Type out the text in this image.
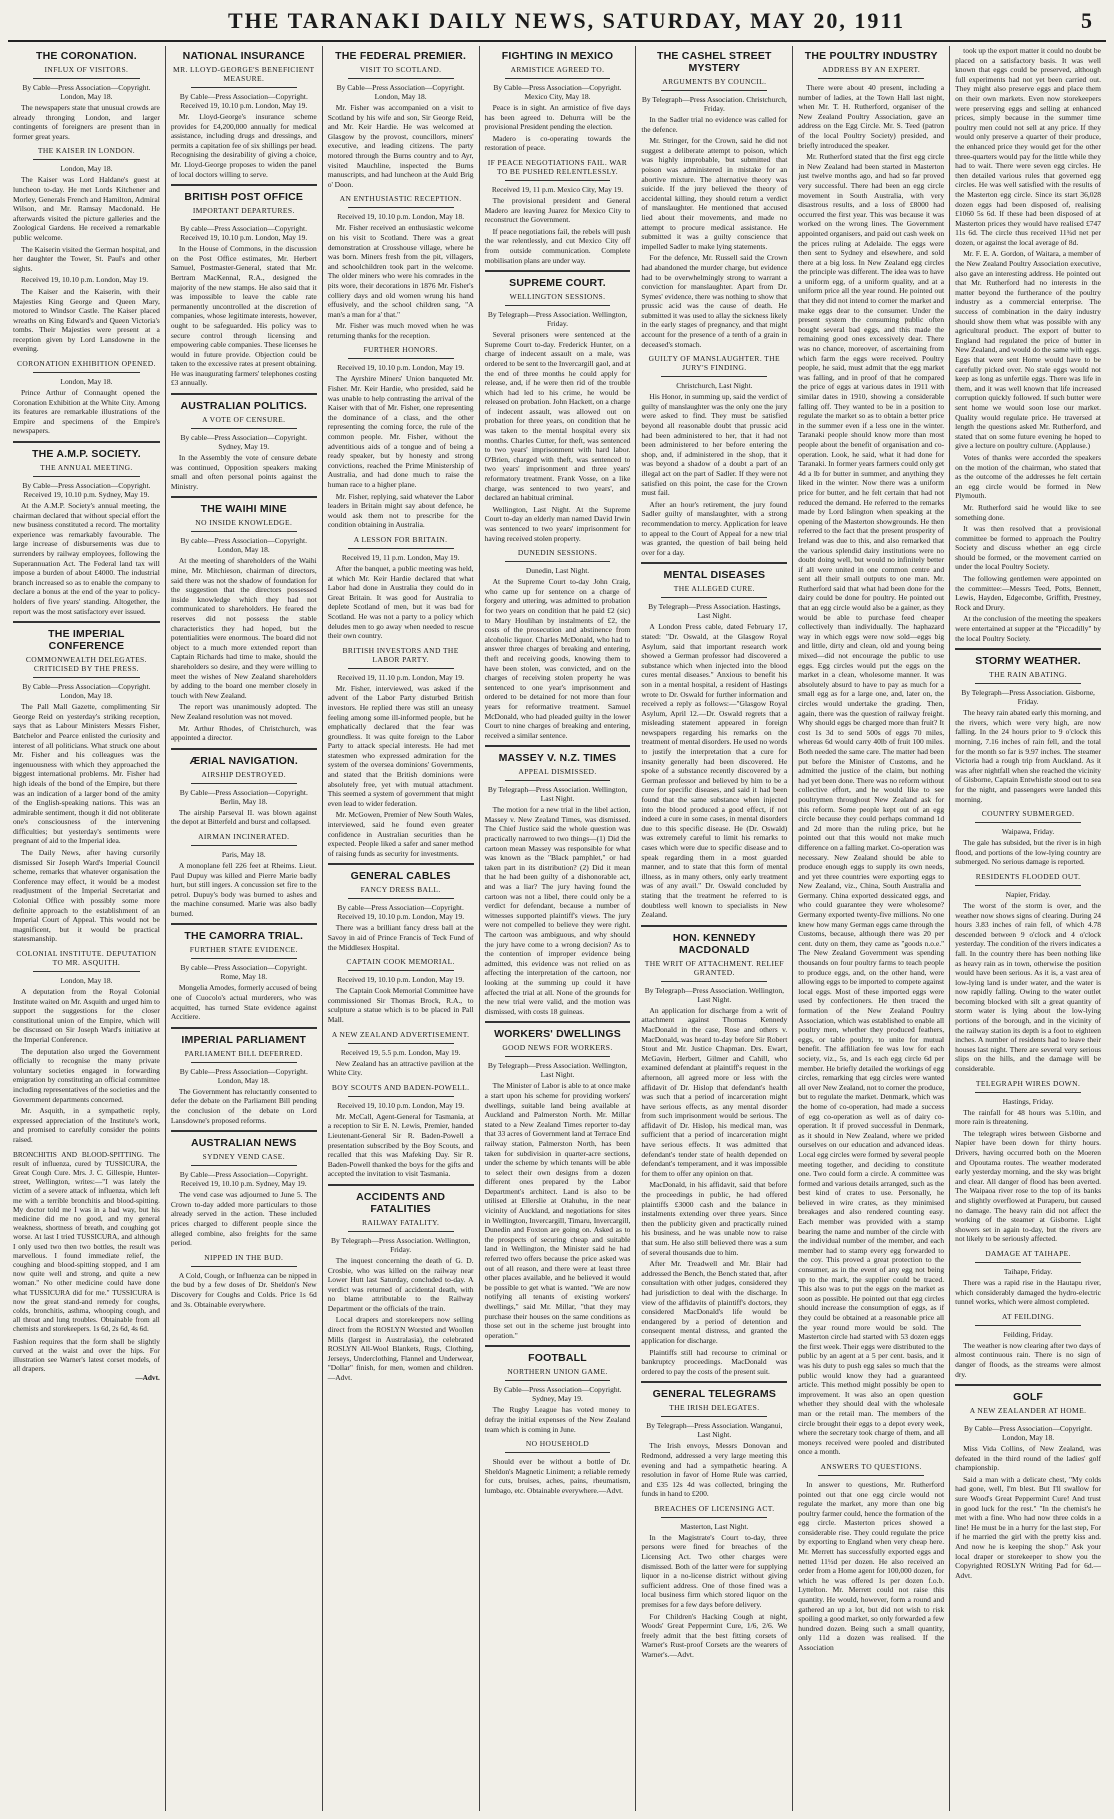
THE TARANAKI DAILY NEWS, SATURDAY, MAY 20, 1911	5
THE CORONATION.
INFLUX OF VISITORS.
By Cable—Press Association—Copyright. London, May 18.

The newspapers state that unusual crowds are already thronging London, and larger contingents of foreigners are present than in former great years.

THE KAISER IN LONDON.
London, May 18.

The Kaiser was Lord Haldane's guest at luncheon to-day. He met Lords Kitchener and Morley, Generals French and Hamilton, Admiral Wilson, and Mr. Ramsay Macdonald. He afterwards visited the picture galleries and the Zoological Gardens. He received a remarkable public welcome.

The Kaiserin visited the German hospital, and her daughter the Tower, St. Paul's and other sights.

Received 19, 10.10 p.m. London, May 19.

The Kaiser and the Kaiserin, with their Majesties King George and Queen Mary, motored to Windsor Castle. The Kaiser placed wreaths on King Edward's and Queen Victoria's tombs. Their Majesties were present at a reception given by Lord Lansdowne in the evening.

CORONATION EXHIBITION OPENED.
London, May 18.

Prince Arthur of Connaught opened the Coronation Exhibition at the White City. Among its features are remarkable illustrations of the Empire and specimens of the Empire's newspapers.

THE A.M.P. SOCIETY.
THE ANNUAL MEETING.
By Cable—Press Association—Copyright. Received 19, 10.10 p.m. Sydney, May 19.

At the A.M.P. Society's annual meeting, the chairman declared that without special effort the new business constituted a record. The mortality experience was remarkably favourable. The large increase of disbursements was due to surrenders by railway employees, following the Superannuation Act. The Federal land tax will impose a burden of about £4000. The industrial branch increased so as to enable the company to declare a bonus at the end of the year to policy-holders of five years' standing. Altogether, the report was the most satisfactory ever issued.

THE IMPERIAL CONFERENCE
COMMONWEALTH DELEGATES. CRITICISED BY THE PRESS.
By Cable—Press Association—Copyright. London, May 18.

The Pall Mall Gazette, complimenting Sir George Reid on yesterday's striking reception, says that as Labour Ministers Messrs Fisher, Batchelor and Pearce enlisted the curiosity and interest of all politicians. What struck one about Mr. Fisher and his colleagues was the ingenuousness with which they approached the biggest international problems. Mr. Fisher had high ideals of the bond of the Empire, but there was an indication of a larger bond of the amity of the English-speaking nations. This was an admirable sentiment, though it did not obliterate one's consciousness of the intervening difficulties; but yesterday's sentiments were pregnant of aid to the Imperial idea.

The Daily News, after having cursorily dismissed Sir Joseph Ward's Imperial Council scheme, remarks that whatever organisation the Conference may effect, it would be a modest readjustment of the Imperial Secretariat and Colonial Office with possibly some more definite approach to the establishment of an Imperial Court of Appeal. This would not be magnificent, but it would be practical statesmanship.

COLONIAL INSTITUTE. DEPUTATION TO MR. ASQUITH.
London, May 18.

A deputation from the Royal Colonial Institute waited on Mr. Asquith and urged him to support the suggestions for the closer constitutional union of the Empire, which will be discussed on Sir Joseph Ward's initiative at the Imperial Conference.

The deputation also urged the Government officially to recognise the many private voluntary societies engaged in forwarding emigration by constituting an official committee including representatives of the societies and the Government departments concerned.

Mr. Asquith, in a sympathetic reply, expressed appreciation of the Institute's work, and promised to carefully consider the points raised.

BRONCHITIS AND BLOOD-SPITTING. The result of influenza, cured by TUSSICURA, the Great Cough Cure. Mrs. J. C. Gillespie, Hunter-street, Wellington, writes:—"I was lately the victim of a severe attack of influenza, which left me with a terrible bronchitis and blood-spitting. My doctor told me I was in a bad way, but his medicine did me no good, and my general weakness, shortness of breath, and coughing got worse. At last I tried TUSSICURA, and although I only used two then two bottles, the result was marvellous. I found immediate relief, the coughing and blood-spitting stopped, and I am now quite well and strong, and quite a new woman." No other medicine could have done what TUSSICURA did for me." TUSSICURA is now the great stand-and remedy for coughs, colds, bronchitis, asthma, whooping cough, and all throat and lung troubles. Obtainable from all chemists and storekeepers. 1s 6d, 2s 6d, 4s 6d.

Fashion requires that the form shall be slightly curved at the waist and over the hips. For illustration see Warner's latest corset models, of all drapers.

—Advt.
NATIONAL INSURANCE
MR. LLOYD-GEORGE'S BENEFICIENT MEASURE.
By Cable—Press Association—Copyright. Received 19, 10.10 p.m. London, May 19.

Mr. Lloyd-George's insurance scheme provides for £4,200,000 annually for medical assistance, including drugs and dressings, and permits a capitation fee of six shillings per head. Recognising the desirability of giving a choice, Mr. Lloyd-George proposes to widen the panel of local doctors willing to serve.

BRITISH POST OFFICE
IMPORTANT DEPARTURES.
By cable—Press Association—Copyright. Received 19, 10.10 p.m. London, May 19.

In the House of Commons, in the discussion on the Post Office estimates, Mr. Herbert Samuel, Postmaster-General, stated that Mr. Bertram MacKennal, R.A., designed the majority of the new stamps. He also said that it was impossible to leave the cable rate permanently uncontrolled at the discretion of companies, whose legitimate interests, however, ought to be safeguarded. His policy was to secure control through licensing and empowering cable companies. These licenses he would in future provide. Objection could be taken to the excessive rates at present obtaining. He was inaugurating farmers' telephones costing £3 annually.

AUSTRALIAN POLITICS.
A VOTE OF CENSURE.
By cable—Press Association—Copyright. Sydney, May 19.

In the Assembly the vote of censure debate was continued, Opposition speakers making small and often personal points against the Ministry.

THE WAIHI MINE
NO INSIDE KNOWLEDGE.
By cable—Press Association—Copyright. London, May 18.

At the meeting of shareholders of the Waihi mine, Mr. Mitchieson, chairman of directors, said there was not the shadow of foundation for the suggestion that the directors possessed inside knowledge which they had not communicated to shareholders. He feared the reserves did not possess the stable characteristics they had hoped, but the potentialities were enormous. The board did not object to a much more extended report than Captain Richards had time to make, should the shareholders so desire, and they were willing to meet the wishes of New Zealand shareholders by adding to the board one member closely in touch with New Zealand.

The report was unanimously adopted. The New Zealand resolution was not moved.

Mr. Arthur Rhodes, of Christchurch, was appointed a director.

ÆRIAL NAVIGATION.
AIRSHIP DESTROYED.
By Cable—Press Association—Copyright. Berlin, May 18.

The airship Parseval II. was blown against the depot at Bitterfeld and burst and collapsed.

AIRMAN INCINERATED.
Paris, May 18.

A monoplane fell 226 feet at Rheims. Lieut. Paul Dupuy was killed and Pierre Marie badly hurt, but still ingers. A concussion set fire to the petrol. Dupuy's body was burned to ashes and the machine consumed. Marie was also badly burned.

THE CAMORRA TRIAL.
FURTHER STATE EVIDENCE.
By cable—Press Association—Copyright. Rome, May 18.

Mongelia Amodes, formerly accused of being one of Cuocolo's actual murderers, who was acquitted, has turned State evidence against Accitiere.

IMPERIAL PARLIAMENT
PARLIAMENT BILL DEFERRED.
By Cable—Press Association—Copyright. London, May 18.

The Government has reluctantly consented to defer the debate on the Parliament Bill pending the conclusion of the debate on Lord Lansdowne's proposed reforms.

AUSTRALIAN NEWS
SYDNEY VEND CASE.
By Cable—Press Association—Copyright. Received 19, 10.10 p.m. Sydney, May 19.

The vend case was adjourned to June 5. The Crown to-day added more particulars to those already served in the action. These included prices charged to different people since the alleged combine, also freights for the same period.

NIPPED IN THE BUD.

A Cold, Cough, or Influenza can be nipped in the bud by a few doses of Dr. Sheldon's New Discovery for Coughs and Colds. Price 1s 6d and 3s. Obtainable everywhere.

THE FEDERAL PREMIER.
VISIT TO SCOTLAND.
By Cable—Press Association—Copyright. London, May 18.

Mr. Fisher was accompanied on a visit to Scotland by his wife and son, Sir George Reid, and Mr. Keir Hardie. He was welcomed at Glasgow by the provost, councillors, miners' executive, and leading citizens. The party motored through the Burns country and to Ayr, visited Mauchline, inspected the Burns manuscripts, and had luncheon at the Auld Brig o' Doon.

AN ENTHUSIASTIC RECEPTION.
Received 19, 10.10 p.m. London, May 18.

Mr. Fisher received an enthusiastic welcome on his visit to Scotland. There was a great demonstration at Crosshouse village, where he was born. Miners fresh from the pit, villagers, and schoolchildren took part in the welcome. The older miners who were his comrades in the pits wore, their decorations in 1876 Mr. Fisher's colliery days and old women wrung his hand effusively, and the school children sang, "A man's a man for a' that."

Mr. Fisher was much moved when he was returning thanks for the reception.

FURTHER HONORS.
Received 19, 10.10 p.m. London, May 19.

The Ayrshire Miners' Union banqueted Mr. Fisher. Mr. Keir Hardie, who presided, said he was unable to help contrasting the arrival of the Kaiser with that of Mr. Fisher, one representing the dominance of a class, and the other representing the coming force, the rule of the common people. Mr. Fisher, without the adventitious aids of a tongue and of being a ready speaker, but by honesty and strong convictions, reached the Prime Ministership of Australia, and had done much to raise the human race to a higher plane.

Mr. Fisher, replying, said whatever the Labor leaders in Britain might say about defence, he would ask them not to prescribe for the condition obtaining in Australia.

A LESSON FOR BRITAIN.
Received 19, 11 p.m. London, May 19.

After the banquet, a public meeting was held, at which Mr. Keir Hardie declared that what Labor had done in Australia they could do in Great Britain. It was good for Australia to deplete Scotland of men, but it was bad for Scotland. He was not a party to a policy which deludes men to go away when needed to rescue their own country.

BRITISH INVESTORS AND THE LABOR PARTY.
Received 19, 11.10 p.m. London, May 19.

Mr. Fisher, interviewed, was asked if the advent of the Labor Party disturbed British investors. He replied there was still an uneasy feeling among some ill-informed people, but he emphatically declared that the fear was groundless. It was quite foreign to the Labor Party to attack special interests. He had met statesmen who expressed admiration for the system of the oversea dominions' Governments, and stated that the British dominions were absolutely free, yet with mutual attachment. This seemed a system of government that might even lead to wider federation.

Mr. McGowen, Premier of New South Wales, interviewed, said he found even greater confidence in Australian securities than he expected. People liked a safer and saner method of raising funds as security for investments.

GENERAL CABLES
FANCY DRESS BALL.
By cable—Press Association—Copyright. Received 19, 10.10 p.m. London, May 19.

There was a brilliant fancy dress ball at the Savoy in aid of Prince Francis of Teck Fund of the Middlesex Hospital.

CAPTAIN COOK MEMORIAL.
Received 19, 10.10 p.m. London, May 19.

The Captain Cook Memorial Committee have commissioned Sir Thomas Brock, R.A., to sculpture a statue which is to be placed in Pall Mall.

A NEW ZEALAND ADVERTISEMENT.
Received 19, 5.5 p.m. London, May 19.

New Zealand has an attractive pavilion at the White City.

BOY SCOUTS AND BADEN-POWELL.
Received 19, 10.10 p.m. London, May 19.

Mr. McCall, Agent-General for Tasmania, at a reception to Sir E. N. Lewis, Premier, handed Lieutenant-General Sir R. Baden-Powell a presentation subscribed by the Boy Scouts, and recalled that this was Mafeking Day. Sir R. Baden-Powell thanked the boys for the gifts and accepted the invitation to visit Tasmania.

ACCIDENTS AND FATALITIES
RAILWAY FATALITY.
By Telegraph—Press Association. Wellington, Friday.

The inquest concerning the death of G. D. Crosbie, who was killed on the railway near Lower Hutt last Saturday, concluded to-day. A verdict was returned of accidental death, with no blame attributable to the Railway Department or the officials of the train.

Local drapers and storekeepers now selling direct from the ROSLYN Worsted and Woollen Mills (largest in Australasia), the celebrated ROSLYN All-Wool Blankets, Rugs, Clothing, Jerseys, Underclothing, Flannel and Underwear, "Dollar" finish, for men, women and children.—Advt.

FIGHTING IN MEXICO
ARMISTICE AGREED TO.
By Cable—Press Association—Copyright. Mexico City, May 18.

Peace is in sight. An armistice of five days has been agreed to. Dehurra will be the provisional President pending the election.

Madero is co-operating towards the restoration of peace.

IF PEACE NEGOTIATIONS FAIL. WAR TO BE PUSHED RELENTLESSLY.
Received 19, 11 p.m. Mexico City, May 19.

The provisional president and General Madero are leaving Juarez for Mexico City to reconstruct the Government.

If peace negotiations fail, the rebels will push the war relentlessly, and cut Mexico City off from outside communication. Complete mobilisation plans are under way.

SUPREME COURT.
WELLINGTON SESSIONS.
By Telegraph—Press Association. Wellington, Friday.

Several prisoners were sentenced at the Supreme Court to-day. Frederick Hunter, on a charge of indecent assault on a male, was ordered to be sent to the Invercargill gaol, and at the end of three months he could apply for release, and, if he were then rid of the trouble which had led to his crime, he would be released on probation. John Hackett, on a charge of indecent assault, was allowed out on probation for three years, on condition that he was taken to the mental hospital every six months. Charles Cutter, for theft, was sentenced to two years' imprisonment with hard labor. O'Brien, charged with theft, was sentenced to two years' imprisonment and three years' reformatory treatment. Frank Vosse, on a like charge, was sentenced to two years', and declared an habitual criminal.

Wellington, Last Night. At the Supreme Court to-day an elderly man named David Irwin was sentenced to two years' imprisonment for having received stolen property.

DUNEDIN SESSIONS.
Dunedin, Last Night.

At the Supreme Court to-day John Craig, who came up for sentence on a charge of forgery and uttering, was admitted to probation for two years on condition that he paid £2 (sic) to Mary Houlihan by instalments of £2, the costs of the prosecution and abstinence from alcoholic liquor. Charles McDonald, who had to answer three charges of breaking and entering, theft and receiving goods, knowing them to have been stolen, was convicted, and on the charges of receiving stolen property he was sentenced to one year's imprisonment and ordered to be detained for not more than four years for reformative treatment. Samuel McDonald, who had pleaded guilty in the lower Court to nine charges of breaking and entering, received a similar sentence.

MASSEY V. N.Z. TIMES
APPEAL DISMISSED.
By Telegraph—Press Association. Wellington, Last Night.

The motion for a new trial in the libel action, Massey v. New Zealand Times, was dismissed. The Chief Justice said the whole question was practically narrowed to two things—(1) Did the cartoon mean Massey was responsible for what was known as the "Black pamphlet," or had taken part in its distribution? (2) Did it mean that he had been guilty of a dishonorable act, and was a liar? The jury having found the cartoon was not a libel, there could only be a verdict for defendant, because a number of witnesses supported plaintiff's views. The jury were not compelled to believe they were right. The cartoon was ambiguous, and why should the jury have come to a wrong decision? As to the contention of improper evidence being admitted, this evidence was not relied on as affecting the interpretation of the cartoon, nor looking at the summing up could it have affected the trial at all. None of the grounds for the new trial were valid, and the motion was dismissed, with costs 18 guineas.

WORKERS' DWELLINGS
GOOD NEWS FOR WORKERS.
By Telegraph—Press Association. Wellington, Last Night.

The Minister of Labor is able to at once make a start upon his scheme for providing workers' dwellings, suitable land being available at Auckland and Palmerston North. Mr. Millar stated to a New Zealand Times reporter to-day that 33 acres of Government land at Terrace End railway station, Palmerston North, has been taken for subdivision in quarter-acre sections, under the scheme by which tenants will be able to select their own designs from a dozen different ones prepared by the Labor Department's architect. Land is also to be utilised at Ellerslie at Otahuhu, in the near vicinity of Auckland, and negotiations for sites in Wellington, Invercargill, Timaru, Invercargill, Dunedin and Foxton are going on. Asked as to the prospects of securing cheap and suitable land in Wellington, the Minister said he had referred two offers because the price asked was out of all reason, and there were at least three other places available, and he believed it would be possible to get what is wanted. "We are now notifying all tenants of existing workers' dwellings," said Mr. Millar, "that they may purchase their houses on the same conditions as those set out in the scheme just brought into operation."

FOOTBALL
NORTHERN UNION GAME.
By Cable—Press Association—Copyright. Sydney, May 19.

The Rugby League has voted money to defray the initial expenses of the New Zealand team which is coming in June.

NO HOUSEHOLD

Should ever be without a bottle of Dr. Sheldon's Magnetic Liniment; a reliable remedy for cuts, bruises, aches, pains, rheumatism, lumbago, etc. Obtainable everywhere.—Advt.

THE CASHEL STREET MYSTERY
ARGUMENTS BY COUNCIL.
By Telegraph—Press Association. Christchurch, Friday.

In the Sadler trial no evidence was called for the defence.

Mr. Stringer, for the Crown, said he did not suggest a deliberate attempt to poison, which was highly improbable, but submitted that poison was administered in mistake for an abortive mixture. The alternative theory was suicide. If the jury believed the theory of accidental killing, they should return a verdict of manslaughter. He mentioned that accused lied about their movements, and made no attempt to procure medical assistance. He submitted it was a guilty conscience that impelled Sadler to make lying statements.

For the defence, Mr. Russell said the Crown had abandoned the murder charge, but evidence had to be overwhelmingly strong to warrant a conviction for manslaughter. Apart from Dr. Symes' evidence, there was nothing to show that prussic acid was the cause of death. He submitted it was used to allay the sickness likely in the early stages of pregnancy, and that might account for the presence of a tenth of a grain in deceased's stomach.

GUILTY OF MANSLAUGHTER. THE JURY'S FINDING.
Christchurch, Last Night.

His Honor, in summing up, said the verdict of guilty of manslaughter was the only one the jury were asked to find. They must be satisfied beyond all reasonable doubt that prussic acid had been administered to her, that it had not been administered to her before entering the shop, and, if administered in the shop, that it was beyond a shadow of a doubt a part of an illegal act on the part of Sadler. If they were not satisfied on this point, the case for the Crown must fail.

After an hour's retirement, the jury found Sadler guilty of manslaughter, with a strong recommendation to mercy. Application for leave to appeal to the Court of Appeal for a new trial was granted, the question of bail being held over for a day.

MENTAL DISEASES
THE ALLEGED CURE.
By Telegraph—Press Association. Hastings, Last Night.

A London Press cable, dated February 17, stated: "Dr. Oswald, at the Glasgow Royal Asylum, said that important research work showed a German professor had discovered a substance which when injected into the blood cures mental diseases." Anxious to benefit his son in a mental hospital, a resident of Hastings wrote to Dr. Oswald for further information and received a reply as follows:—"Glasgow Royal Asylum, April 12.—Dr. Oswald regrets that a misleading statement appeared in foreign newspapers regarding his remarks on the treatment of mental disorders. He used no words to justify the interpretation that a cure for insanity generally had been discovered. He spoke of a substance recently discovered by a German professor and believed by him to be a cure for specific diseases, and said it had been found that the same substance when injected into the blood produced a good effect, if not indeed a cure in some cases, in mental disorders due to this specific disease. He (Dr. Oswald) was extremely careful to limit his remarks to cases which were due to specific disease and to speak regarding them in a most guarded manner, and to state that this form of mental illness, as in many others, only early treatment was of any avail." Dr. Oswald concluded by stating that the treatment he referred to is doubtless well known to specialists in New Zealand.

HON. KENNEDY MACDONALD
THE WRIT OF ATTACHMENT. RELIEF GRANTED.
By Telegraph—Press Association. Wellington, Last Night.

An application for discharge from a writ of attachment against Thomas Kennedy MacDonald in the case, Rose and others v. MacDonald, was heard to-day before Sir Robert Stout and Mr. Justice Chapman. Drs. Ewart, McGavin, Herbert, Gilmer and Cahill, who examined defendant at plaintiff's request in the afternoon, all agreed more or less with the affidavit of Dr. Hislop that defendant's health was such that a period of incarceration might have serious effects, as any mental disorder from such imprisonment would be serious. The affidavit of Dr. Hislop, his medical man, was sufficient that a period of incarceration might have serious effects. It was admitted that defendant's tender state of health depended on defendant's temperament, and it was impossible for them to offer any opinion on that.

MacDonald, in his affidavit, said that before the proceedings in public, he had offered plaintiffs £3000 cash and the balance in instalments extending over three years. Since then the publicity given and practically ruined his business, and he was unable now to raise that sum. He also still believed there was a sum of several thousands due to him.

After Mr. Treadwell and Mr. Blair had addressed the Bench, the Bench stated that, after consultation with other judges, considered they had jurisdiction to deal with the discharge. In view of the affidavits of plaintiff's doctors, they considered MacDonald's life would be endangered by a period of detention and consequent mental distress, and granted the application for discharge.

Plaintiffs still had recourse to criminal or bankruptcy proceedings. MacDonald was ordered to pay the costs of the present suit.

GENERAL TELEGRAMS
THE IRISH DELEGATES.
By Telegraph—Press Association. Wanganui, Last Night.

The Irish envoys, Messrs Donovan and Redmond, addressed a very large meeting this evening and had a sympathetic hearing. A resolution in favor of Home Rule was carried, and £35 12s 4d was collected, bringing the funds in hand to £200.

BREACHES OF LICENSING ACT.
Masterton, Last Night.

In the Magistrate's Court to-day, three persons were fined for breaches of the Licensing Act. Two other charges were dismissed. Both of the latter were for supplying liquor in a no-license district without giving sufficient address. One of those fined was a local business firm which stored liquor on the premises for a few days before delivery.

For Children's Hacking Cough at night, Woods' Great Peppermint Cure, 1/6, 2/6. We freely admit that the best fitting corsets of Warner's Rust-proof Corsets are the wearers of Warner's.—Advt.

THE POULTRY INDUSTRY
ADDRESS BY AN EXPERT.

There were about 40 present, including a number of ladies, at the Town Hall last night, when Mr. T. H. Rutherford, organiser of the New Zealand Poultry Association, gave an address on the Egg Circle. Mr. S. Teed (patron of the local Poultry Society) presided, and briefly introduced the speaker.

Mr. Rutherford stated that the first egg circle in New Zealand had been started in Masterton just twelve months ago, and had so far proved very successful. There had been an egg circle movement in South Australia, with very disastrous results, and a loss of £8000 had occurred the first year. This was because it was worked on the wrong lines. The Government appointed organisers, and paid out cash week on the prices ruling at Adelaide. The eggs were then sent to Sydney and elsewhere, and sold there at a big loss. In New Zealand egg circles the principle was different. The idea was to have a uniform egg, of a uniform quality, and at a uniform price all the year round. He pointed out that they did not intend to corner the market and make eggs dear to the consumer. Under the present system the consuming public often bought several bad eggs, and this made the remaining good ones excessively dear. There was no chance, moreover, of ascertaining from which farm the eggs were received. Poultry people, he said, must admit that the egg market was falling, and in proof of that he compared the price of eggs at various dates in 1911 with similar dates in 1910, showing a considerable falling off. They wanted to be in a position to regulate the market so as to obtain a better price in the summer even if a less one in the winter. Taranaki people should know more than most people about the benefit of organisation and co-operation. Look, he said, what it had done for Taranaki. In former years farmers could only get 4d a lb for butter in summer, and anything they liked in the winter. Now there was a uniform price for butter, and he felt certain that had not reduced the demand. He referred to the remarks made by Lord Islington when speaking at the opening of the Masterton showgrounds. He then referred to the fact that the present prosperity of Ireland was due to this, and also remarked that the various splendid dairy institutions were no doubt doing well, but would no infinitely better if all were united in one common centre and sent all their small outputs to one man. Mr. Rutherford said that what had been done for the dairy could be done for poultry. He pointed out that an egg circle would also be a gainer, as they would be able to purchase feed cheaper collectively than individually. The haphazard way in which eggs were now sold—eggs big and little, dirty and clean, old and young being mixed—did not encourage the public to use eggs. Egg circles would put the eggs on the market in a clean, wholesome manner. It was absolutely absurd to have to pay as much for a small egg as for a large one, and, later on, the circles would undertake the grading. Then, again, there was the question of railway freight. Why should eggs be charged more than fruit? It cost 1s 3d to send 500s of eggs 70 miles, whereas 6d would carry 40lb of fruit 100 miles. Both needed the same care. The matter had been put before the Minister of Customs, and he admitted the justice of the claim, but nothing had yet been done. There was no reform without collective effort, and he would like to see poultrymen throughout New Zealand ask for this reform. Some people kept out of an egg circle because they could perhaps command 1d and 2d more than the ruling price, but he pointed out that this would not make much difference on a falling market. Co-operation was necessary. New Zealand should be able to produce enough eggs to supply its own needs, and yet three countries were exporting eggs to New Zealand, viz., China, South Australia and Germany. China exported dessicated eggs, and who could guarantee they were wholesome? Germany exported twenty-five millions. No one knew how many German eggs came through the Customs, because, although there was 20 per cent. duty on them, they came as "goods n.o.e." The New Zealand Government was spending thousands on four poultry farms to teach people to produce eggs, and, on the other hand, were allowing eggs to be imported to compete against local eggs. Most of these imported eggs were used by confectioners. He then traced the formation of the New Zealand Poultry Association, which was established to enable all poultry men, whether they produced feathers, eggs, or table poultry, to unite for mutual benefit. The affiliation fee was low for each society, viz., 5s, and 1s each egg circle 6d per member. He briefly detailed the workings of egg circles, remarking that egg circles were wanted all over New Zealand, not to corner the produce, but to regulate the market. Denmark, which was the home of co-operation, had made a success of egg co-operation as well as of dairy co-operation. It if proved successful in Denmark, as it should in New Zealand, where we prided ourselves on our education and advanced ideas. Local egg circles were formed by several people meeting together, and deciding to constitute one. Two could form a circle. A committee was formed and various details arranged, such as the best kind of crates to use. Personally, he believed in wire crates, as they minimised breakages and also rendered counting easy. Each member was provided with a stamp bearing the name and number of the circle with the individual number of the member, and each member had to stamp every egg forwarded to the coy. This proved a great protection to the consumer, as in the event of any egg not being up to the mark, the supplier could be traced. This also was to put the eggs on the market as soon as possible. He pointed out that egg circles should increase the consumption of eggs, as if they could be obtained at a reasonable price all the year round more would be sold. The Masterton circle had started with 53 dozen eggs the first week. Their eggs were distributed to the public by an agent at a 5 per cent. basis, and it was his duty to push egg sales so much that the public would know they had a guaranteed article. This method might possibly be open to improvement. It was also an open question whether they should deal with the wholesale man or the retail man. The members of the circle brought their eggs to a depot every week, where the secretary took charge of them, and all moneys received were pooled and distributed once a month.

ANSWERS TO QUESTIONS.

In answer to questions, Mr. Rutherford pointed out that one egg circle would not regulate the market, any more than one big poultry farmer could, hence the formation of the egg circle. Masterton prices showed a considerable rise. They could regulate the price by exporting to England when very cheap here. Mr. Merrett has successfully exported eggs and netted 11½d per dozen. He also received an order from a Home agent for 100,000 dozen, for which he was offered 1s per dozen f.o.b. Lyttelton. Mr. Merrett could not raise this quantity. He would, however, form a round and gathered an up a lot, but did not wish to risk spoiling a good market, so only forwarded a few hundred dozen. Being such a small quantity, only 11d a dozen was realised. If the Association

took up the export matter it could no doubt be placed on a satisfactory basis. It was well known that eggs could be preserved, although full experiments had not yet been carried out. They might also preserve eggs and place them on their own markets. Even now storekeepers were preserving eggs and selling at enhanced prices, simply because in the summer time poultry men could not sell at any price. If they would only preserve a quarter of their produce, the enhanced price they would get for the other three-quarters would pay for the little while they had to wait. There were seven egg circles. He then detailed various rules that governed egg circles. He was well satisfied with the results of the Masterton egg circle. Since its start 36,028 dozen eggs had been disposed of, realising £1060 5s 6d. If these had been disposed of at Masterton prices they would have realised £747 11s 6d. The circle thus received 11¾d net per dozen, or against the local average of 8d.

Mr. F. E. A. Gordon, of Waitara, a member of the New Zealand Poultry Association executive, also gave an interesting address. He pointed out that Mr. Rutherford had no interests in the matter beyond the furtherance of the poultry industry as a commercial enterprise. The success of combination in the dairy industry should show them what was possible with any agricultural product. The export of butter to England had regulated the price of butter in New Zealand, and would do the same with eggs. Eggs that were sent Home would have to be carefully picked over. No stale eggs would not keep as long as unfertile eggs. There was life in them, and it was well known that life increased corruption quickly followed. If such butter were sent home we would soon lose our market. Quality would regulate price. He traversed at length the questions asked Mr. Rutherford, and stated that on some future evening he hoped to give a lecture on poultry culture. (Applause.)

Votes of thanks were accorded the speakers on the motion of the chairman, who stated that as the outcome of the addresses he felt certain an egg circle would be formed in New Plymouth.

Mr. Rutherford said he would like to see something done.

It was then resolved that a provisional committee be formed to approach the Poultry Society and discuss whether an egg circle should be formed, or the movement carried on under the local Poultry Society.

The following gentlemen were appointed on the committee:—Messrs Teed, Potts, Bennett, Lewis, Hayden, Edgecombe, Griffith, Prestney, Rock and Drury.

At the conclusion of the meeting the speakers were entertained at supper at the "Piccadilly" by the local Poultry Society.

STORMY WEATHER.
THE RAIN ABATING.
By Telegraph—Press Association. Gisborne, Friday.

The heavy rain abated early this morning, and the rivers, which were very high, are now falling. In the 24 hours prior to 9 o'clock this morning, 7.16 inches of rain fell, and the total for the month so far is 9.97 inches. The steamer Victoria had a rough trip from Auckland. As it was after nightfall when she reached the vicinity of Gisborne, Captain Entwhistle stood out to sea for the night, and passengers were landed this morning.

COUNTRY SUBMERGED.
Waipawa, Friday.

The gale has subsided, but the river is in high flood, and portions of the low-lying country are submerged. No serious damage is reported.

RESIDENTS FLOODED OUT.
Napier, Friday.

The worst of the storm is over, and the weather now shows signs of clearing. During 24 hours 3.83 inches of rain fell, of which 4.78 descended between 9 o'clock and 4 o'clock yesterday. The condition of the rivers indicates a fall. In the country there has been nothing like as heavy rain as in town, otherwise the position would have been serious. As it is, a vast area of low-lying land is under water, and the water is now rapidly falling. Owing to the water outlet becoming blocked with silt a great quantity of storm water is lying about the low-lying portions of the borough, and in the vicinity of the railway station its depth is a foot to eighteen inches. A number of residents had to leave their houses last night. There are several very serious slips on the hills, and the damage will be considerable.

TELEGRAPH WIRES DOWN.
Hastings, Friday.

The rainfall for 48 hours was 5.10in, and more rain is threatening.

The telegraph wires between Gisborne and Napier have been down for thirty hours. Drivers, having occurred both on the Moeren and Opoutama routes. The weather moderated early yesterday morning, and the sky was bright and clear. All danger of flood has been averted. The Waipaoa river rose to the top of its banks and slightly overflowed at Puraperu, but caused no damage. The heavy rain did not affect the working of the steamer at Gisborne. Light showers set in again to-day, but the rivers are not likely to be seriously affected.

DAMAGE AT TAIHAPE.
Taihape, Friday.

There was a rapid rise in the Hautapu river, which considerably damaged the hydro-electric tunnel works, which were almost completed.

AT FEILDING.
Feilding, Friday.

The weather is now clearing after two days of almost continuous rain. There is no sign of danger of floods, as the streams were almost dry.

GOLF
A NEW ZEALANDER AT HOME.
By Cable—Press Association—Copyright. London, May 18.

Miss Vida Collins, of New Zealand, was defeated in the third round of the ladies' golf championship.

Said a man with a delicate chest, "My colds had gone, well, I'm blest. But I'll swallow for sure Wood's Great Peppermint Cure! And trust in good luck for the rest." "In the chemist's he met with a fine. Who had now three colds in a line! He must be in a hurry for the last step, For if he married the girl with the pretty kiss and. And now he is keeping the shop." Ask your local draper or storekeeper to show you the Copyrighted ROSLYN Writing Pad for 6d.—Advt.
